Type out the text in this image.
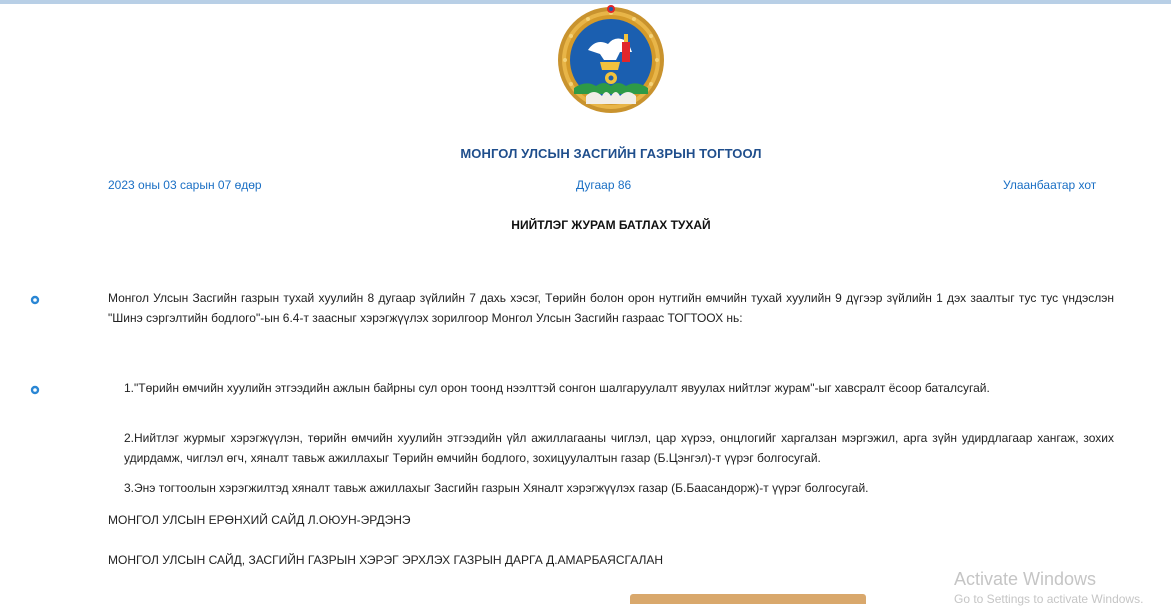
МОНГОЛ УЛСЫН ЗАСГИЙН ГАЗРЫН ТОГТООЛ
2023 оны 03 сарын 07 өдөр	Дугаар 86	Улаанбаатар хот
НИЙТЛЭГ ЖУРАМ БАТЛАХ ТУХАЙ
Монгол Улсын Засгийн газрын тухай хуулийн 8 дугаар зүйлийн 7 дахь хэсэг, Төрийн болон орон нутгийн өмчийн тухай хуулийн 9 дүгээр зүйлийн 1 дэх заалтыг тус тус үндэслэн "Шинэ сэргэлтийн бодлого"-ын 6.4-т заасныг хэрэгжүүлэх зорилгоор Монгол Улсын Засгийн газраас ТОГТООХ нь:
1."Төрийн өмчийн хуулийн этгээдийн ажлын байрны сул орон тоонд нээлттэй сонгон шалгаруулалт явуулах нийтлэг журам"-ыг хавсралт ёсоор баталсугай.
2.Нийтлэг журмыг хэрэгжүүлэн, төрийн өмчийн хуулийн этгээдийн үйл ажиллагааны чиглэл, цар хүрээ, онцлогийг харгалзан мэргэжил, арга зүйн удирдлагаар хангаж, зохих удирдамж, чиглэл өгч, хяналт тавьж ажиллахыг Төрийн өмчийн бодлого, зохицуулалтын газар (Б.Цэнгэл)-т үүрэг болгосугай.
3.Энэ тогтоолын хэрэгжилтэд хяналт тавьж ажиллахыг Засгийн газрын Хяналт хэрэгжүүлэх газар (Б.Баасандорж)-т үүрэг болгосугай.
МОНГОЛ УЛСЫН ЕРӨНХИЙ САЙД Л.ОЮУН-ЭРДЭНЭ
МОНГОЛ УЛСЫН САЙД, ЗАСГИЙН ГАЗРЫН ХЭРЭГ ЭРХЛЭХ ГАЗРЫН ДАРГА Д.АМАРБАЯСГАЛАН
Activate Windows
Go to Settings to activate Windows.
